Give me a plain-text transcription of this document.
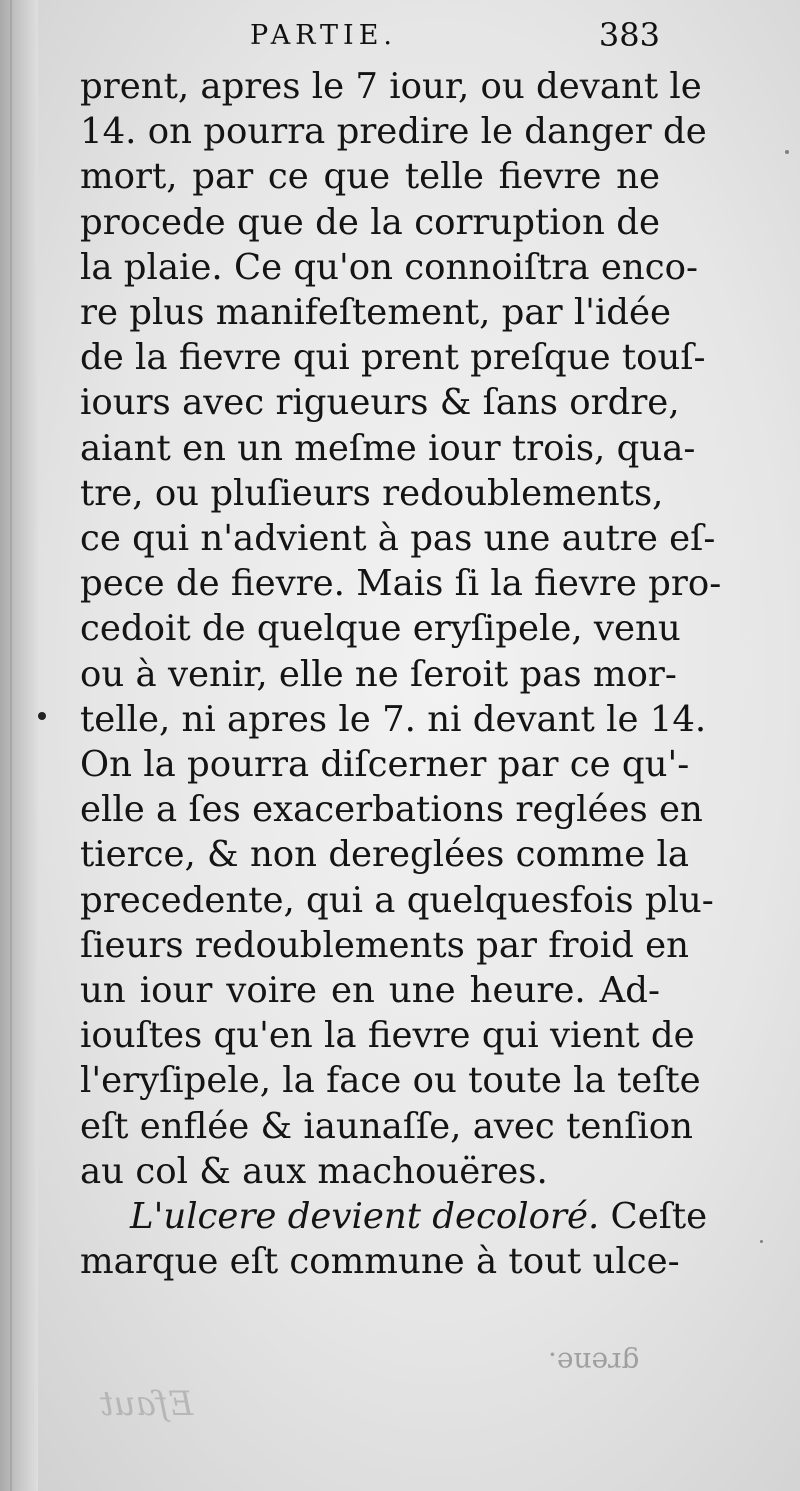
PARTIE.	383
prent, apres le 7 iour, ou devant le
14. on pourra predire le danger de
mort, par ce que telle fievre ne
procede que de la corruption de
la plaie. Ce qu'on connoiſtra enco-
re plus manifeſtement, par l'idée
de la fievre qui prent preſque touſ-
iours avec rigueurs & ſans ordre,
aiant en un meſme iour trois, qua-
tre, ou pluſieurs redoublements,
ce qui n'advient à pas une autre eſ-
pece de fievre. Mais ſi la fievre pro-
cedoit de quelque eryſipele, venu
ou à venir, elle ne ſeroit pas mor-
telle, ni apres le 7. ni devant le 14.
On la pourra diſcerner par ce qu'-
elle a ſes exacerbations reglées en
tierce, & non dereglées comme la
precedente, qui a quelquesfois plu-
ſieurs redoublements par froid en
un iour voire en une heure. Ad-
iouſtes qu'en la fievre qui vient de
l'eryſipele, la face ou toute la teſte
eſt enflée & iaunaſſe, avec tenſion
au col & aux machouëres.
L'ulcere devient decoloré. Ceſte
marque eſt commune à tout ulce-
grene.
Efaut
